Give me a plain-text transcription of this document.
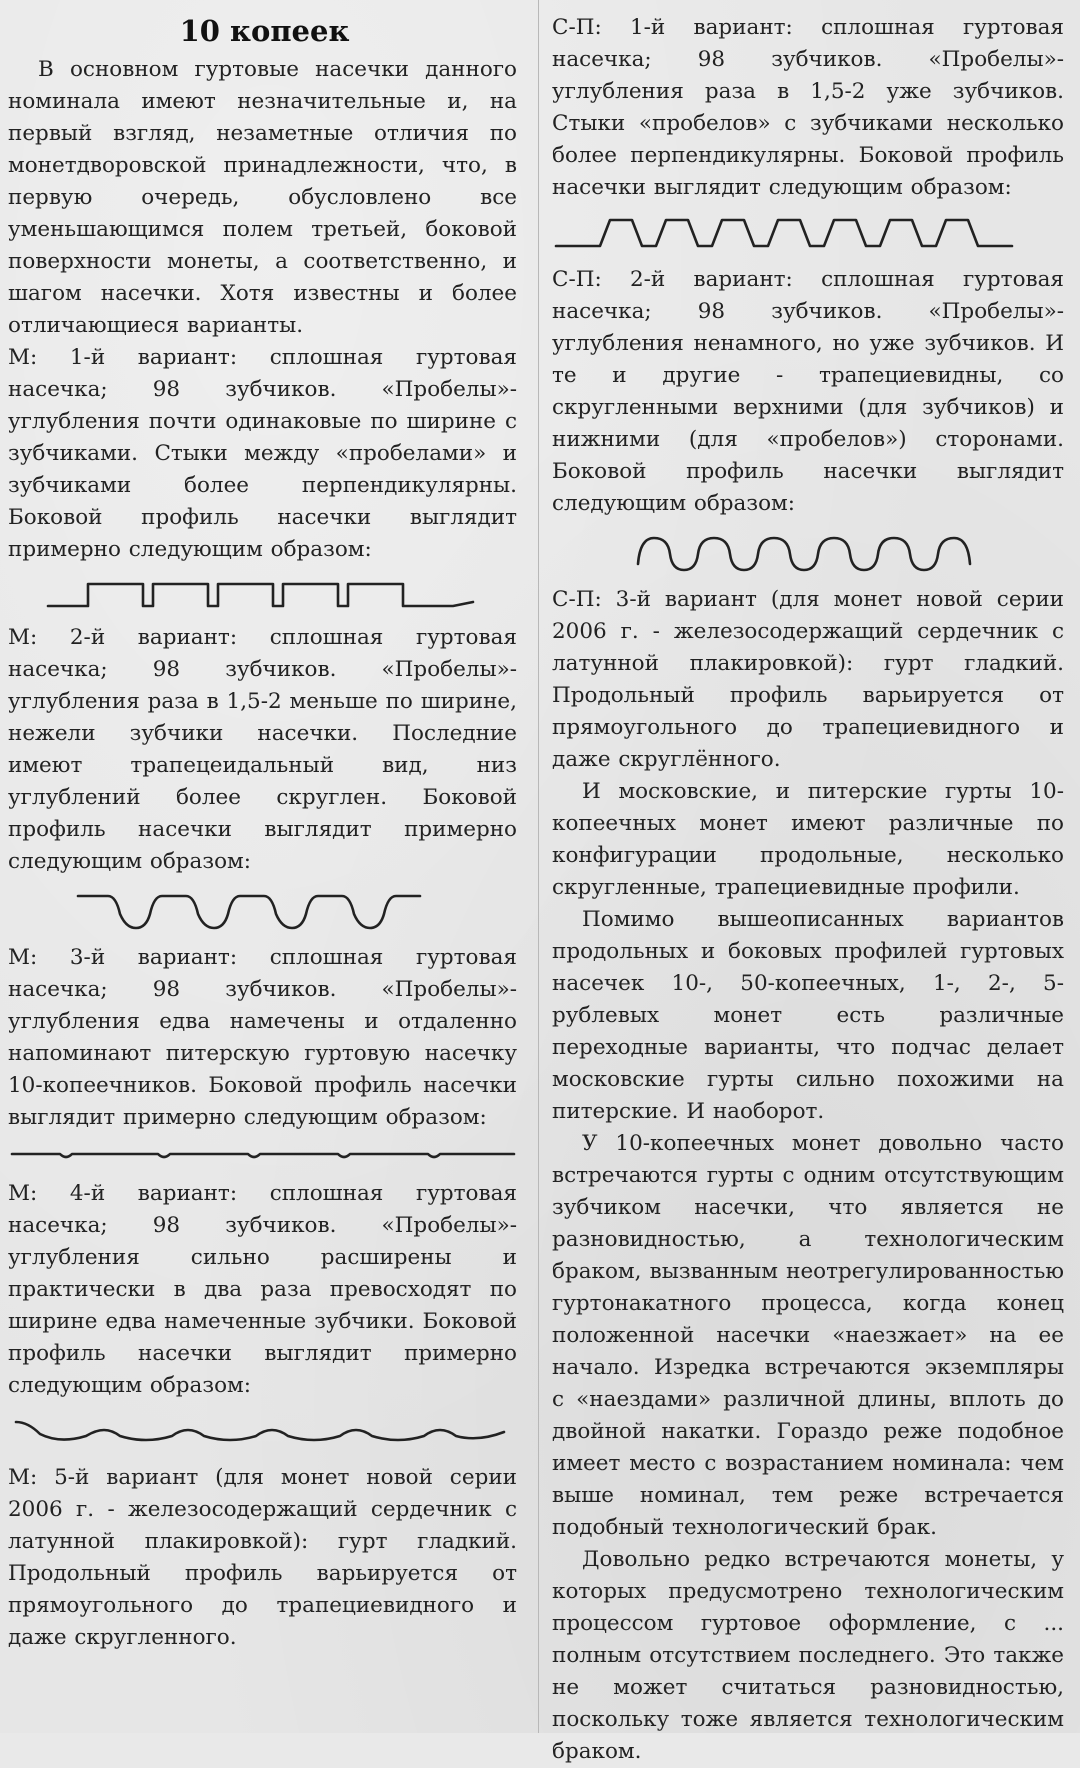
10 копеек

В основном гуртовые насечки данного номинала имеют незначительные и, на первый взгляд, незаметные отличия по монетдворовской принадлежности, что, в первую очередь, обусловлено все уменьшающимся полем третьей, боковой поверхности монеты, а соответственно, и шагом насечки. Хотя известны и более отличающиеся варианты.

М: 1-й вариант: сплошная гуртовая насечка; 98 зубчиков. «Пробелы»-углубления почти одинаковые по ширине с зубчиками. Стыки между «пробелами» и зубчиками более перпендикулярны. Боковой профиль насечки выглядит примерно следующим образом:

М: 2-й вариант: сплошная гуртовая насечка; 98 зубчиков. «Пробелы»-углубления раза в 1,5-2 меньше по ширине, нежели зубчики насечки. Последние имеют трапецеидальный вид, низ углублений более скруглен. Боковой профиль насечки выглядит примерно следующим образом:

М: 3-й вариант: сплошная гуртовая насечка; 98 зубчиков. «Пробелы»-углубления едва намечены и отдаленно напоминают питерскую гуртовую насечку 10-копеечников. Боковой профиль насечки выглядит примерно следующим образом:

М: 4-й вариант: сплошная гуртовая насечка; 98 зубчиков. «Пробелы»-углубления сильно расширены и практически в два раза превосходят по ширине едва намеченные зубчики. Боковой профиль насечки выглядит примерно следующим образом:

М: 5-й вариант (для монет новой серии 2006 г. - железосодержащий сердечник с латунной плакировкой): гурт гладкий. Продольный профиль варьируется от прямоугольного до трапециевидного и даже скругленного.

С-П: 1-й вариант: сплошная гуртовая насечка; 98 зубчиков. «Пробелы»-углубления раза в 1,5-2 уже зубчиков. Стыки «пробелов» с зубчиками несколько более перпендикулярны. Боковой профиль насечки выглядит следующим образом:

С-П: 2-й вариант: сплошная гуртовая насечка; 98 зубчиков. «Пробелы»-углубления ненамного, но уже зубчиков. И те и другие - трапециевидны, со скругленными верхними (для зубчиков) и нижними (для «пробелов») сторонами. Боковой профиль насечки выглядит следующим образом:

С-П: 3-й вариант (для монет новой серии 2006 г. - железосодержащий сердечник с латунной плакировкой): гурт гладкий. Продольный профиль варьируется от прямоугольного до трапециевидного и даже скруглённого.

И московские, и питерские гурты 10-копеечных монет имеют различные по конфигурации продольные, несколько скругленные, трапециевидные профили.

Помимо вышеописанных вариантов продольных и боковых профилей гуртовых насечек 10-, 50-копеечных, 1-, 2-, 5-рублевых монет есть различные переходные варианты, что подчас делает московские гурты сильно похожими на питерские. И наоборот.

У 10-копеечных монет довольно часто встречаются гурты с одним отсутствующим зубчиком насечки, что является не разновидностью, а технологическим браком, вызванным неотрегулированностью гуртонакатного процесса, когда конец положенной насечки «наезжает» на ее начало. Изредка встречаются экземпляры с «наездами» различной длины, вплоть до двойной накатки. Гораздо реже подобное имеет место с возрастанием номинала: чем выше номинал, тем реже встречается подобный технологический брак.

Довольно редко встречаются монеты, у которых предусмотрено технологическим процессом гуртовое оформление, с ... полным отсутствием последнего. Это также не может считаться разновидностью, поскольку тоже является технологическим браком.
